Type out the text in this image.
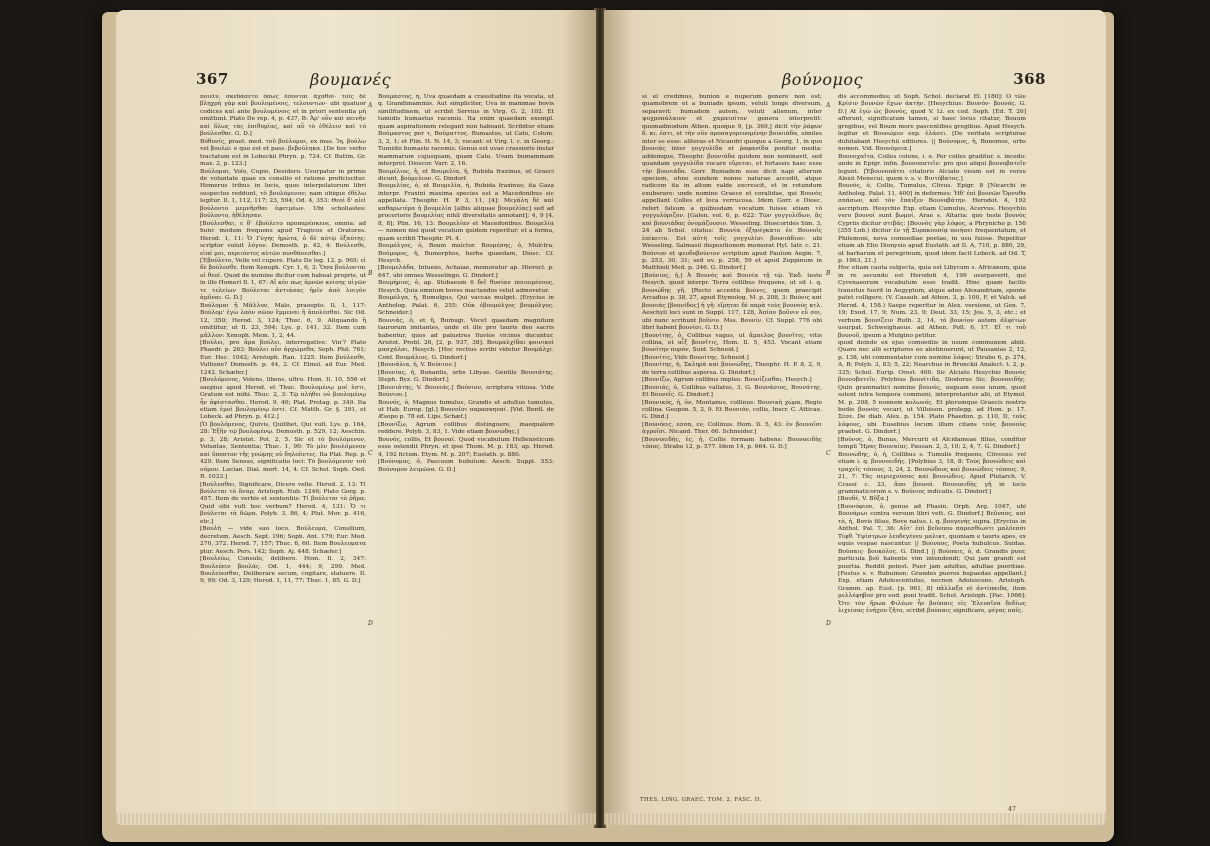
367	βουμανές

ποιεῖν, σκεδάσετο ὅπως ἔσονται ἄχαθοί· τοῖς δὲ βληχρὴ γὰρ καὶ βουλομένοις, τελουντων· ubi quatuor codices καὶ ante βουλομένοις et in priori sententia μὴ omittunt. Plato De rep. 4, p. 437, B: Ἀρ' οὖν καὶ πεινῆν καὶ ὅλως τὰς ἐπιθυμίας, καὶ αὖ τὸ ἐθέλειν καὶ τὸ βούλεσθαι. G. D.]

Βόθυνίς, praet. med. τοῦ βούλομαι, ex inus. Ἰη. βούλω vel βουλῶ: e quo est et pass. βεβούληκα. [De hoc verbo tractatum est in Lobeckii Phryn. p. 724. Cf. Buttm. Gr. max. 2, p. 123.]

Βούλομαι, Volo, Cupio, Desidero. Usurpatur in primis de voluntate quae ex consilio et ratione proficiscitur. Homerus tribus in locis, quos interpolatorum libri suspectos reddunt, τὸ βουλόμενον; nam ubique ἐθέλω legitur. Il. 1, 112, 117; 23, 594; Od. 4, 353: Θεοὶ δ' αἰεὶ βούλοντο μεμνῆσθαι ἐφετμέων. Ubi scholiastes: βούλοντο, ἠθέλησαν.

[Βούλεσθαι, ε δ' ἐβούλετο προπαρέσκευε, omnia: ad hunc modum frequens apud Tragicos et Oratores. Herod. 1, 11: Ὁ Γύγης ἠρώτα, ὁ δὲ αὐτῷ ἐξαύτης: scriptor voluit λόγον. Demosth. p. 42, 4: Βούλεσθε, εἰπέ μοι, περιιόντες αὐτῶν πυνθάνεσθαι.]

[Ἐβούλετο, Velle vel cupere. Plato De leg. 12, p. 965: εἰ δὲ βούλεσθε. Item Xenoph. Cyr. 1, 6, 3: Ὅσα βούλονται οἱ θεοί. Quod de numine dicitur cum habeat proprie, ut in illo Homeri Il. 1, 67: Αἴ κέν πως ἀρνῶν κνίσης αἰγῶν τε τελείων Βούλεται ἀντιάσας ἡμῖν ἀπὸ λοιγὸν ἀμῦναι. G. D.]

Βούλομαι ἢ Μᾶλλον, Malo, praeopto. Il. 1, 117: Βούλομ' ἐγὼ λαὸν σῶον ἔμμεναι ἢ ἀπολέσθαι. Sic Od. 12, 350; Herod. 3, 124; Thuc. 6, 9. Aliquando ἢ omittitur, ut Il. 23, 594; Lys. p. 141, 32. Item cum μᾶλλον: Xenoph. Mem. 1, 2, 44.

[Βούλει, pro ἆρα βούλει, interrogative: Vin'? Plato Phaedr. p. 263: Βούλει οὖν ἀρχώμεθα; Soph. Phil. 761; Eur. Hec. 1042; Aristoph. Ran. 1225. Item βούλεσθε, Vultisne? Demosth. p. 44, 2. Cf. Elmsl. ad Eur. Med. 1242. Schæfer.]

[Βουλόμενος, Volens, libens, ultro. Hom. Il. 10, 556 et saepius apud Herod. et Thuc. Βουλομένῳ μοί ἐστι, Gratum est mihi. Thuc. 2, 3: Τῷ πλήθει οὐ βουλομένῳ ἦν ἀφίστασθαι. Herod. 9, 46; Plat. Protag. p. 349. Ita etiam ἐμοὶ βουλομένῳ ἐστί. Cf. Matth. Gr. §. 391, et Lobeck. ad Phryn. p. 412.]

[Ὁ βουλόμενος, Quivis, Quilibet, Qui vult. Lys. p. 164, 28: Ἐξῆν τῷ βουλομένῳ. Demosth. p. 529, 12; Aeschin. p. 3, 28; Aristot. Pol. 2, 5. Sic et τὸ βουλόμενον, Voluntas, Sententia; Thuc. 1, 90: Τὸ μὲν βουλόμενον καὶ ὕποπτον τῆς γνώμης οὐ δηλοῦντες. Ita Plat. Rep. p. 429. Item Sensus, significatio loci: Τὸ βουλόμενον τοῦ νόμου. Lucian. Dial. mort. 14, 4. Cf. Schol. Soph. Oed. R. 1033.]

[Βούλεσθαι, Significare, Dicere velle. Herod. 2, 13: Τί βούλεται τὸ ὄναρ; Aristoph. Nub. 1246; Plato Gorg. p. 457. Item de verbis et sententiis: Τί βούλεται τὸ ῥῆμα; Quid sibi vult hoc verbum? Herod. 4, 131: Ὅ τι βούλεται τὰ δῶρα. Polyb. 3, 86, 4; Plut. Mor. p. 416, etc.]

[Βουλή — vide suo loco. Βούλευμα, Consilium, decretum. Aesch. Sept. 196; Soph. Ant. 179; Eur. Med. 270, 372. Herod. 7, 157; Thuc. 6, 60. Item Βουλευματα plur. Aesch. Pers. 142; Soph. Aj. 448. Schæfer.]

[Βουλεύω, Consulo, delibero. Hom. Il. 2, 347: Βουλεύειν βουλάς. Od. 1, 444; 9, 299. Med. Βουλεύεσθαι, Deliberare secum, cogitare, statuere. Il. 9, 99; Od. 3, 129; Herod. 1, 11, 77; Thuc. 1, 85. G. D.]

Βούμαστος, ἡ, Uva quaedam a crassitudine ita vocata, ut q. Grandimammis. Aut simpliciter, Uva in mammae bovis similitudinem, ut scribit Servius in Virg. G. 2, 102. Et tumidis bumastus racemis. Ita enim quaedam exempl. quam aspirationem relegant non habeant. Scribitur etiam Βούμαστος per τ, Βούματτος. Bumastus, ut Cato, Colum. 3, 2, 1; et Plin. H. N. 14, 3; vocant: et Virg. l. c. in Georg.: Tumidis bumaste racemis. Genus est uvae crassioris instar mammarum cujusquam, quam Cato. Uvam bumammam interpret. Dioscor. Varr. 2, 16.

Βουμέλιος, ἡ, et Βουμελία, ἡ, Rubida fraxinus, ut Graeci dicunt, βούμελιον. G. Dindorf.

Βουμελίας, ὁ, et Βουμελία, ἡ, Rubida fraxinus; ita Gaza interpr. Fraxini maxima species est a Macedonibus sic appellata. Theophr. H. P. 3, 11, [4]: Μεγάλη δὲ καὶ καθαρωτέρα ἡ βουμελία [albis aliquae βουμελίας] sed ad procerioris βουμελίας nihil diversitatis annotant]; 4, 9 [4, 8, 8]; Plin. 16, 13: Βουμελίαν et Macedonibus. Βουμελία — nomen nisi quod vocatum quidem reperitur; et a forma, quam scribit Theophr. Pl. 4.

Βουμόλγος, ὁ, Boum mulctor. Βουμέσης, ὁ, Mulctra. Βούμορος, ἡ, Bumorphos, herba quaedam, Diosc. Cf. Hesych.

[Βουμελάδα, Intuens, Achaiae, memoratur ap. Hierocl. p. 647, ubi omnes Wesselingo. G. Dindorf.]

Βουμήριος, ὁ, ap. Stobaeum 6 δεῖ θυσίαν ποιουμένους, Hesych. Quia omnium boves mactandos velut admovetur.

Βουμόλγα, ἡ, Bumolgus, Qui vaccas mulget. [Erycius in Antholog. Palat. 6, 255: Οὐκ ἐβουμόλγος βουμόλγος. Schneider.]

Βουνιάς, ὁ, et ἡ, Bumugi. Vocet quaedam magnitum taurorum imitantes, unde et ille pro tauris deo sacris habentur, quos ad palustres fluvios vicinos ducuntur. Aristot. Probl. 26, [2, p. 937, 38]. Βουμαλχίδαι φοινικοὶ μασχάλαι, Hesych. [Hoc rectius scribi videtur Βουμάλχι. Conf. Βουμάλιος. G. Dindorf.]

[Βουνάλια, ἡ, V. Βούνιον.]

[Βουνίας, ἡ, Bunantis, urbs Libyae. Gentile Βουνιάτης. Steph. Byz. G. Dindorf.]

[Βουνιάτης, V. Βουνιάς.] Βούνιον, scriptura vitiosa. Vide Βούνιον.]

Βουνός, ὁ, Magnus tumulus, Grandis et adultus tumulus, ut Hab. Europ. [gl.] Βουνοῖσι παρασκηναί. [Vid. Bentl. de Æsopo p. 78 ed. Lips. Schæf.]

[Βουνίζω, Agrum collibus distinguere, inaequalem reddere. Polyb. 3, 83, 1. Vide etiam βουνώδης.]

Βουνός, collis, Et βουναί. Quod vocabulum Hellenisticum esse ostendit Phryn. et ipse Thom. M. p. 163, ap. Herod. 4, 192 fictum. Etym. M. p. 207; Eustath. p. 880.

[Βούνομος, ὁ, Pascuum bubulum: Aesch. Suppl. 553: Βούνομον λειμῶνα. G. D.]

A
B
C
D
βούνομος	368

si ei credimus, bunion e nuperum genere non est; quamobrem et a buniade ipsum, veluti longe diversum, separavit: bumadem autem, veluti alienum, inter ψυχροπάλαιον et χαμαιπίτυν genera interpretit: quemadmodum Athen. quoque 9, [p. 369,] dicit τὴν ῥάφυν δ. κι. ἐστι, et τὴν νῦν προσαγορευομένην βουνιάδα, similes inter se esse: aliteras et Nicandri quoque a Georg. 1, in quo βουνιάς inter γογγυλίδα et ῥαφανίδα ponitur media: addemque, Theophr. βουνιάδα quidem non nominavit, sed quandam γογγυλίδα vocare εὔρεται, et fortassis haec esse τὴν βουνιάδα. Gorr. Buniadem esse dicit napi alterum speciem, ohne eundem nonne naturae accedit, atque radicem ita in altum valde excrescit, et in rotundum exuberare: unde nomine Graece et coralidae, qui Βουνὸς appellant Colles et loca verrucosa. Idem Gorr. e Diosc. refert falsum a quibusdam vocatum fuisse etiam τὸ γογγυλόριζον. [Galen. vol. 6, p. 622: Τῶν γογγυλίδων, ἃς καὶ βουνιάδας ὀνομάζουσιν. Wesseling. Dioscorides Sim. 3, 24 ab Schol. citatus: Βουνία ἐξηνέγκατο ἐν Βουνοῖς ἐπίκειτο. Est αὐτὴ τοῖς γογγυλίσι βουνιάδιον: ubi Wesseling. Salmasii dispositionem memorat Hyl. Iatr. c. 21. Βούνιον et ψευδοβούνιον scriptum apud Paulum Aegin. 7, p. 253, 30, 31; sed uv. p. 258, 59 et apud Zoppinum in Matthioli Med. p. 346. G. Dindorf.]

[Βούνιος, ἡ,] Ἀ Βουνὸς καὶ Βουνία τῇ τῷ. Ἐκδ. teste Hesych. quod interpr. Terra collibus frequens, ut sit i. q. βουνώδης γῆ. [Recto accentu βούνις, quem praecipit Arcadius p. 38, 27, apud Etymolog. M. p. 208, 3: Βούνις καὶ βουνιάς [βουνίδος] ἡ γῆ· εἴρηται δὲ παρὰ τοὺς βουνοὺς κτλ. Aeschyli loci sunt in Suppl. 117, 128, Ἀπίαν βοῦνιν εὖ σοι, ubi nunc scribunt βοῦνιν. Mss. Βουνίν. Cf. Suppl. 776 ubi libri habent βουνίσι. G. D.]

[Βουνίτης, ὁ, Collibus vagus, ut ἄμπελος βουνῖτις, vitis collina, et αἶξ βουνῖτις, Hom. Il. 5, 453. Vocant etiam βουνίτην πυρόν, Suid. Schneid.]

[Βουνίτις, Vide Βουνίτης. Schneid.]

[Βουνίτης, ἡ, Σκληρὰ καὶ βουνώδης, Theophr. H. P. 8, 2, 9, de terra collibus aspersa. G. Dindorf.]

[Βουνίζω, Agrum collibus impleo. Βουνίζεσθαι, Hesych.]

[Βουνιάς, ὁ, Collibus vallatus, 3, G. Βουνάσιος, Βουνάτης. Et Βουνεῖς. G. Dindorf.]

[Βουνικός, ἡ, ὁν, Montanus, collinus: Βουνικὴ χώρα, Regio collina. Geopon. 5, 2, 9. Et Βουνιόν, collis, Inscr. C. Atticae. G. Dind.]

[Βουνόεις, εσσα, εν, Collinus. Hom. Il. 5, 43: ἐν βουνοῖσι ἀγροῖσι. Nicand. Ther. 66. Schneider.]

[Βουνοειδής, ἐς, ἡ, Collis formam habens: Βουνοειδὴς τόπος. Strabo 12, p. 577. Idem 14, p. 664. G. D.]

dis accommodus; ut Soph. Schol. declarat El. [180]: Ὁ τῶν Κρίσιν βουνῶν ἔχων ἀκτήν. [Hesychius: Βουνόν· βουνός. G. D.] At ἐγὼ ὡς βουνὸς, quod V. Li. ex cod. Soph. [Ed. T. 26] afferunt, significatum tamen, si haec locus citatur, Bouum gregibus, vel Boum more pascentibus gregibus. Apud Hesych. legitur et Βουνώμεν exp. ἐλάσει. [De veritate scripturae dubitabant Hesychii editores. || Βούνομος, ἡ, Bonomos, urbs nomen. Vid. Βουνόμεια.]

Βουνοχαῖτα, Colles colens, i. e. Per colles graditur. s. incedo: unde in Epigr. infin. βουνοπατεῖν: pro quo aliqui βουνοβατεῖν legunt. [Ἐβουνοπάτει citatoris Alciato visum est in versu Alexii Menecui, quem v. s. v. Βιντόβατος.]

Βουνός, ὁ, Collis, Tumulus, Clivus. Epigr. 8 [Nicarchi in Antholog. Palat. 11, 400] in deformes: Ἠδ' ἐπὶ βουνῶν Ὄρνυθα σπάσων, καὶ τὸν ἔπαιξεν Βουνοβάτην. Herodot. 4, 192 ascriptum. Hesychio Exp. etiam Cumulus, Acervus. Hesychio vero βουνοί sunt βωμοί, Arae s. Altaria: quo teste βουνὸς Cypriis dicitur στιβάς: [Βουνὸς γὰρ λόφος, a Phrynicho p. 156 (355 Lob.) dicitur ἐν τῇ Συρακουσίᾳ ποιήσει frequentatum, et Philemoni, nova comoediae poetae, in usu fuisse. Repetitur etiam ab Elio Dionysio apud Eustath. ad Il. A, 710, p. 880, 29, ut barbarum et peregrinum, quod idem facit Lobeck. ad Od. T, p. 1863, 21.]

Hoc etiam cauta subjecta, quia est Libycum s. Africanum, quia in re secundo est Herodoti 4, 199 usurpaverit, qui Cyrenaeorum vocabulum esse tradit. Hinc quam facilis transitus fuerit in Aegyptum, atque adeo Alexandriam, sponte patet colligere. (V. Casaub. ad Athen. 3, p. 100, F, et Valck. ad Herod. 4, 158.) Saepe reperitur in Alex. versione, ut Gen. 7, 19; Exod. 17, 9; Num. 23, 9; Deut. 33, 15; Jos. 5, 3, etc.; et verbum βουνίζειν Ruth. 2, 14, τὸ βουνίον autem ἀλφίτων usurpat. Schweighaeus. ad Athen. Poll. 6, 17. Εἴ τι τοῦ βουνοῦ, ipsum a Mulgino petitur.

quod deinde ex ejus comoediis in usum communem abiit. Quare nec alii scriptores eo abstinuerunt, ut Pausanias 2, 12, p. 138, ubi commentator cum nomine λόφος: Strabo 6, p. 274, A, B; Polyb. 3, 83; 5, 22; Nearchus in Brunckii Analect. t. 2, p. 335; Schol. Eurip. Orest. 400. Sic Alciato Hesychio Βουνὸς βουνοβατεῖν, Polybius βουνίτιδα, Diodorus Sic. βουνοειδής. Quin grammatici nomine βουνός, usquam esse unum, quod solent intra tempora communi, interpretantur alii, ut Etymol. M. p. 208, 5 nonnem κολωνός. Et plerumque Graecis nostris bodie βουνὸς vocari, ut Villoison. prolegg. ad Hom. p. 17. Σέσε. De diab. Alex. p. 154. Plato Phaedon. p. 110, D, τοὺς λόφους, ubi Eusebius locum illum citans τοὺς βουνοὺς praebet. G. Dindorf.]

[Βούνος, ὁ, Bunus, Mercurii et Alcidameae filius, conditor templi Ἥρας Βουναίας. Pausan. 2, 3, 10; 2, 4, 7. G. Dindorf.]

Βουνώδης, ὁ, ἡ, Collibus s. Tumulis frequens, Clivosus: vel etiam i. q. βουνοειδής. [Polybius 3, 18, 8: Τοὺς βουνώδεις καὶ τραχεῖς τόπους. 3, 24, 2. Βουνώδους καὶ βουνώδεις τόπους. 9, 21, 7: Τὰς περιεχούσας καὶ βουνώδεις. Apud Plutarch. V. Crassi c. 23, ἄπο βουνοὶ. Βουνοειδὴς γῆ in locis grammaticorum s. v. Βούνιος indicatis. G. Dindorf.]

[Βουδέ, V. Βῦξα.]

[Βουνόφιον, ὁ, genus ad Phasin. Orph. Arg. 1047, ubi Βουνάρωι contra versum libri vett. G. Dindorf.] Βεῦνπος, καὶ τὸ, ἡ, Bovis filius, Bove natus. i. q. βουγενής supra. [Erycius in Anthol. Pal. 7, 36: Αὗτ' ἐπὶ βεῦνπου παρεσθίωντι μαλόεσσι Τίφθ. Ὑψίστρων λευδεγένευ μαλικτ, quoniam e tauris apes, ex equis vespae nascuntur. || Βούνπος, Poeta hubulcus. Suidas. Βούπαις· βουκόλος. G. Dind.] || Βούπαις, ὁ, d. Grandis puer, particula βοῦ habente vim intendendi; Qui jam grandi est puertia. Reddit potest. Puer jam adultus, adultae pueritiae. [Festus s. v. Bubuinon: Grandes pueros bupaedas appellant.] Exp. etiam Adolescentulus, necnon Adolescens. Aristoph. Gramm. ap. Eust. [p. 961, 8] πᾶλλαξα et ἀντίπαιδα, item μελλέφηβον pro eod. poni tradit. Schol. Aristoph. [Pac. 1066]: Ὅτε τὸν ἥρωα Φιλέων ἦν βούπαις εἰς Ἐλευσῖνα δεδίως λιχείσας ἐνήχου ζῆτο, scribit βούπαις significare, μέγας παῖς.

A
B
C
D
THES. LING. GRAEC. TOM. 2, FASC. II.
47
